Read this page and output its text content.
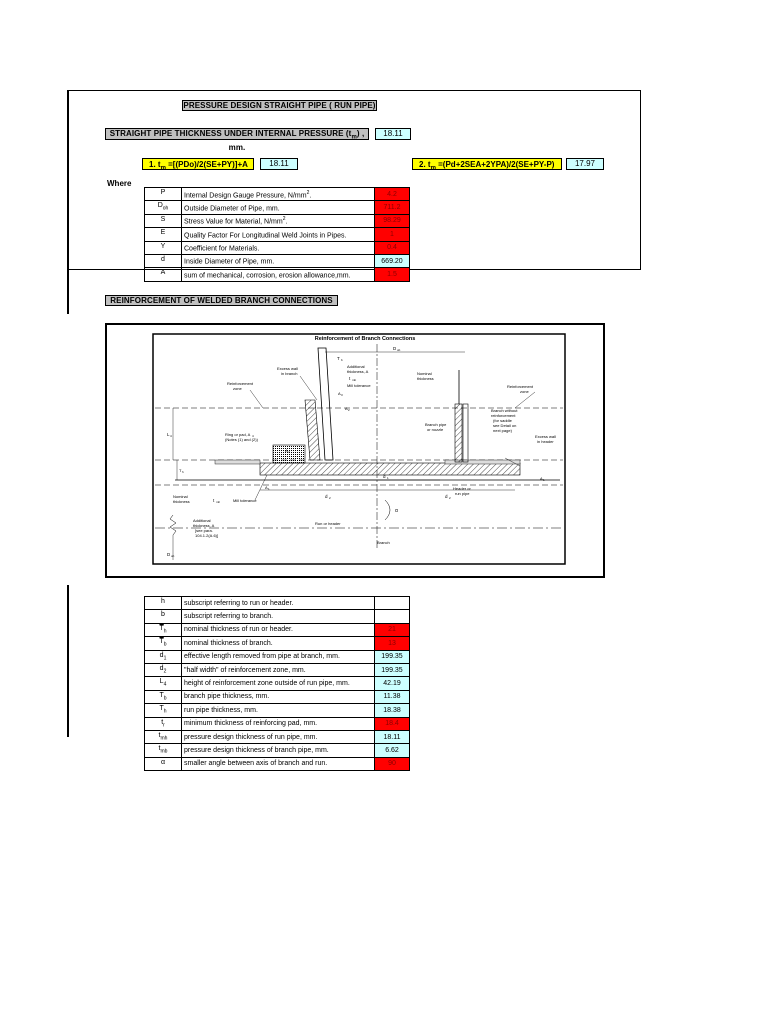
PRESSURE DESIGN STRAIGHT PIPE ( RUN PIPE)
STRAIGHT PIPE THICKNESS UNDER INTERNAL PRESSURE $(t_m)$ , mm.
18.11
1. $t_m =[(PDo)/2(SE+PY)]+A$	18.11	2. $t_m =(Pd+2SEA+2YPA)/2(SE+PY-P)$	17.97
Where
P	Internal Design Gauge Pressure, $N/mm^2$.	4.2
$D_{oh}$	Outside Diameter of Pipe, mm.	711.2
S	Stress Value for Material, $N/mm^2$.	98.29
E	Quality Factor For Longitudinal Weld Joints in Pipes.	1
Y	Coefficient for Materials.	0.4
d	Inside Diameter of Pipe, mm.	669.20
A	sum of mechanical, corrosion, erosion allowance,mm.	1.5
REINFORCEMENT OF WELDED BRANCH CONNECTIONS
Reinforcement of Branch Connections
D ob
T b
Excess wall
in branch
Additional
thickness, A
t mb
Mill tolerance
Nominal
thickness
Reinforcement
zone	Reinforcement
zone
Branch without
reinforcement
(for saddle
see Detail on
next page)
Branch pipe
or nozzle
Ring or pad, A 4
(Notes (1) and (2))
L 4	Excess wall
in header
A 3
A 2
A 4
A 1
A 1
d 1
d 2	d 2
Header or
run pipe
Nominal
thickness	t mh	Mill tolerance
Additional
thickness, A
[see para.
104.1.2(A.6)]
Run or header
Branch
D oh
α
T h
h	subscript referring to run or header.	
b	subscript referring to branch.	
$\overline{T}_h$	nominal thickness of run or header.	21
$\overline{T}_b$	nominal thickness of branch.	13
$d_1$	effective length removed from pipe at branch, mm.	199.35
$d_2$	"half width" of reinforcement zone, mm.	199.35
$L_4$	height of reinforcement zone outside of run pipe, mm.	42.19
$T_b$	branch pipe thickness, mm.	11.38
$T_h$	run pipe thickness, mm.	18.38
$t_r$	minimum thickness of reinforcing pad, mm.	18.4
$t_{mh}$	pressure design thickness of run pipe, mm.	18.11
$t_{mb}$	pressure design thickness of branch pipe, mm.	6.62
α	smaller angle between axis of branch and run.	90
